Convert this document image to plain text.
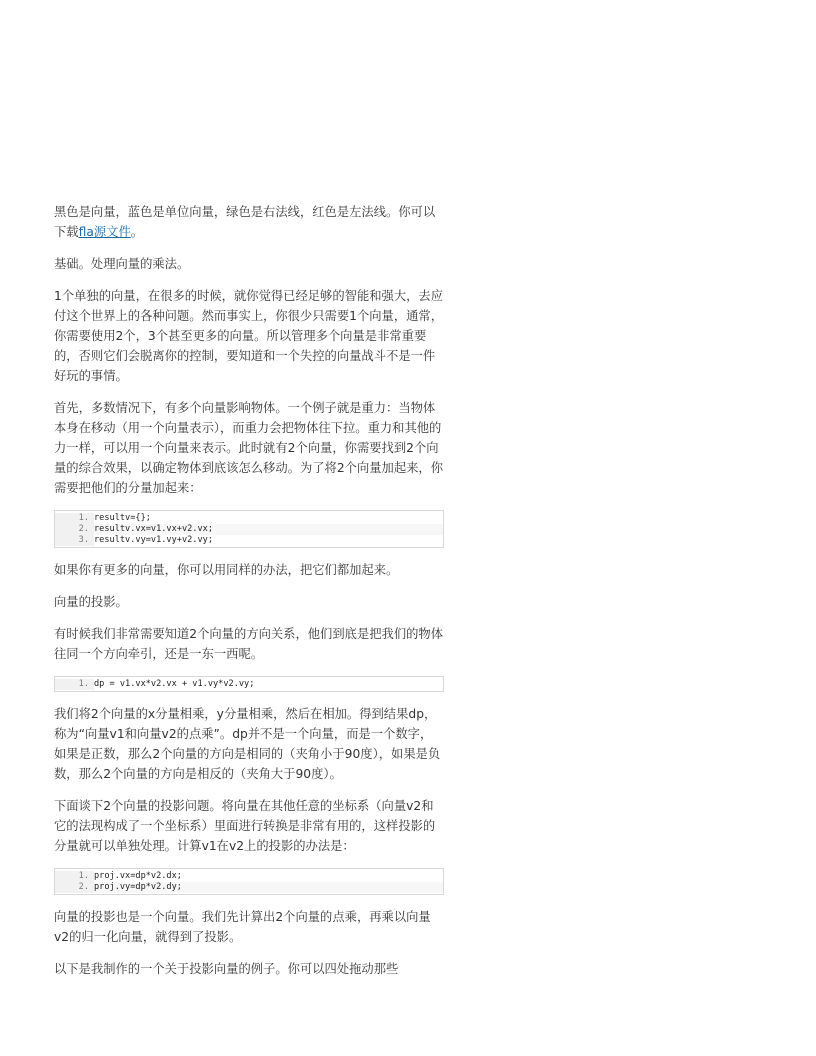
黑色是向量，蓝色是单位向量，绿色是右法线，红色是左法线。你可以下载fla源文件。

基础。处理向量的乘法。

1个单独的向量，在很多的时候，就你觉得已经足够的智能和强大，去应付这个世界上的各种问题。然而事实上，你很少只需要1个向量，通常，你需要使用2个，3个甚至更多的向量。所以管理多个向量是非常重要的，否则它们会脱离你的控制，要知道和一个失控的向量战斗不是一件好玩的事情。

首先，多数情况下，有多个向量影响物体。一个例子就是重力：当物体本身在移动（用一个向量表示），而重力会把物体往下拉。重力和其他的力一样，可以用一个向量来表示。此时就有2个向量，你需要找到2个向量的综合效果，以确定物体到底该怎么移动。为了将2个向量加起来，你需要把他们的分量加起来：

1. resultv={};
2. resultv.vx=v1.vx+v2.vx;
3. resultv.vy=v1.vy+v2.vy;

如果你有更多的向量，你可以用同样的办法，把它们都加起来。

向量的投影。

有时候我们非常需要知道2个向量的方向关系，他们到底是把我们的物体往同一个方向牵引，还是一东一西呢。

1. dp = v1.vx*v2.vx + v1.vy*v2.vy;

我们将2个向量的x分量相乘，y分量相乘，然后在相加。得到结果dp，称为“向量v1和向量v2的点乘”。dp并不是一个向量，而是一个数字，如果是正数，那么2个向量的方向是相同的（夹角小于90度），如果是负数，那么2个向量的方向是相反的（夹角大于90度）。

下面谈下2个向量的投影问题。将向量在其他任意的坐标系（向量v2和它的法现构成了一个坐标系）里面进行转换是非常有用的，这样投影的分量就可以单独处理。计算v1在v2上的投影的办法是：

1. proj.vx=dp*v2.dx;
2. proj.vy=dp*v2.dy;

向量的投影也是一个向量。我们先计算出2个向量的点乘，再乘以向量v2的归一化向量，就得到了投影。

以下是我制作的一个关于投影向量的例子。你可以四处拖动那些
